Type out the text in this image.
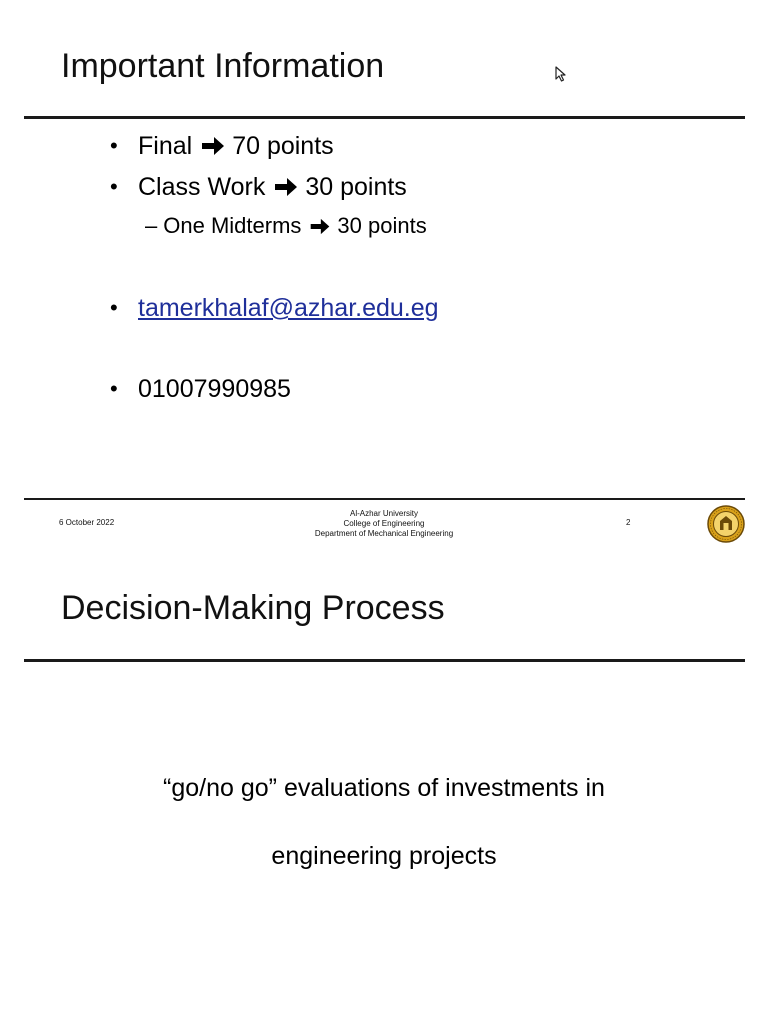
Important Information
• Final 70 points
• Class Work 30 points
– One Midterms 30 points
• tamerkhalaf@azhar.edu.eg
• 01007990985
6 October 2022
Al-Azhar University
College of Engineering
Department of Mechanical Engineering
2
Decision-Making Process
“go/no go” evaluations of investments in
engineering projects
